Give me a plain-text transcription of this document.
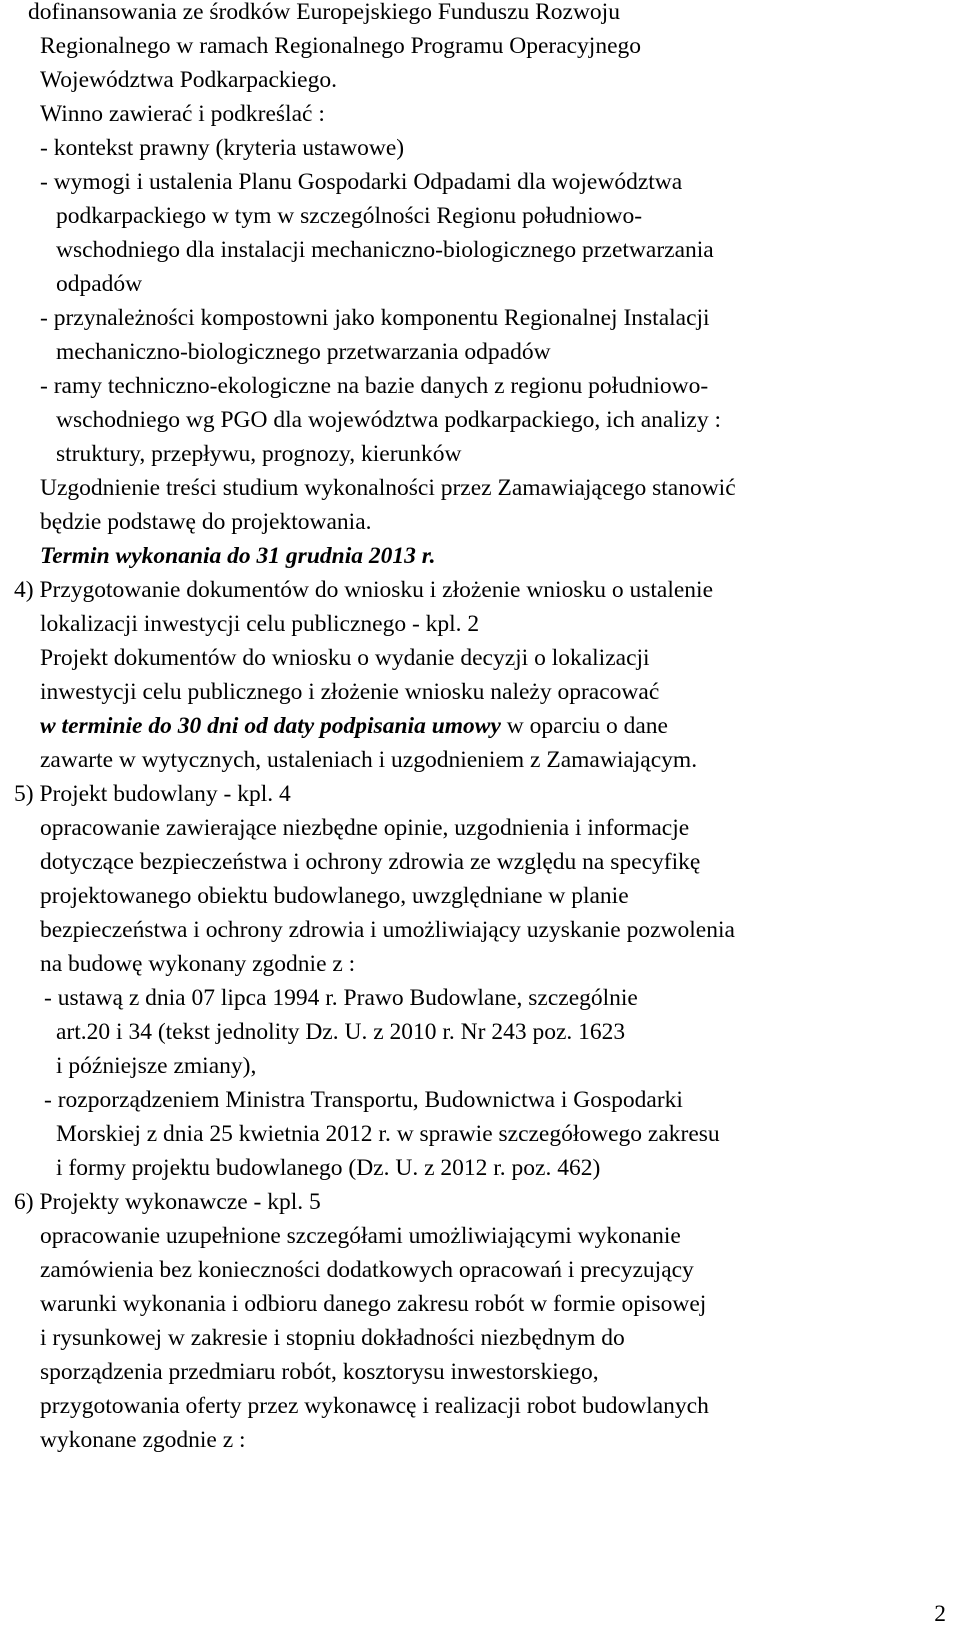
dofinansowania ze środków Europejskiego Funduszu Rozwoju
Regionalnego w ramach Regionalnego Programu Operacyjnego
Województwa Podkarpackiego.
Winno zawierać i podkreślać :
- kontekst prawny (kryteria ustawowe)
- wymogi i ustalenia Planu Gospodarki Odpadami dla województwa
podkarpackiego w tym w szczególności Regionu południowo-
wschodniego dla instalacji mechaniczno-biologicznego przetwarzania
odpadów
- przynależności kompostowni jako komponentu Regionalnej Instalacji
mechaniczno-biologicznego przetwarzania odpadów
- ramy techniczno-ekologiczne na bazie danych z regionu południowo-
wschodniego wg PGO dla województwa podkarpackiego, ich analizy :
struktury, przepływu, prognozy, kierunków
Uzgodnienie treści studium wykonalności przez Zamawiającego stanowić
będzie podstawę do projektowania.
Termin wykonania do 31 grudnia 2013 r.
4) Przygotowanie dokumentów do wniosku i złożenie wniosku o ustalenie
lokalizacji inwestycji celu publicznego - kpl. 2
Projekt dokumentów do wniosku o wydanie decyzji o lokalizacji
inwestycji celu publicznego i złożenie wniosku należy opracować
w terminie do 30 dni od daty podpisania umowy w oparciu o dane
zawarte w wytycznych, ustaleniach i uzgodnieniem z Zamawiającym.
5) Projekt budowlany - kpl. 4
opracowanie zawierające niezbędne opinie, uzgodnienia i informacje
dotyczące bezpieczeństwa i ochrony zdrowia ze względu na specyfikę
projektowanego obiektu budowlanego, uwzględniane w planie
bezpieczeństwa i ochrony zdrowia i umożliwiający uzyskanie pozwolenia
na budowę wykonany zgodnie z :
- ustawą z dnia 07 lipca 1994 r. Prawo Budowlane, szczególnie
art.20 i 34 (tekst jednolity Dz. U. z 2010 r. Nr 243 poz. 1623
i późniejsze zmiany),
- rozporządzeniem Ministra Transportu, Budownictwa i Gospodarki
Morskiej z dnia 25 kwietnia 2012 r. w sprawie szczegółowego zakresu
i formy projektu budowlanego (Dz. U. z 2012 r. poz. 462)
6) Projekty wykonawcze - kpl. 5
opracowanie uzupełnione szczegółami umożliwiającymi wykonanie
zamówienia bez konieczności dodatkowych opracowań i precyzujący
warunki wykonania i odbioru danego zakresu robót w formie opisowej
i rysunkowej w zakresie i stopniu dokładności niezbędnym do
sporządzenia przedmiaru robót, kosztorysu inwestorskiego,
przygotowania oferty przez wykonawcę i realizacji robot budowlanych
wykonane zgodnie z :
2
